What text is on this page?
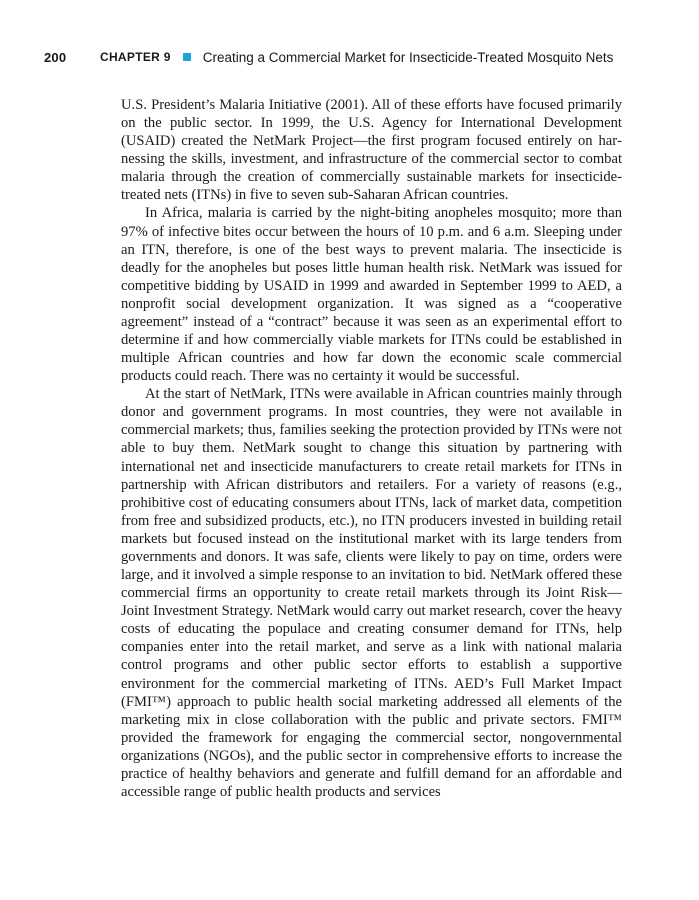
200	CHAPTER 9 Creating a Commercial Market for Insecticide-Treated Mosquito Nets

U.S. President’s Malaria Initiative (2001). All of these efforts have focused primarily on the public sector. In 1999, the U.S. Agency for International Development (USAID) created the NetMark Project—the first program focused entirely on harnessing the skills, investment, and infrastructure of the commercial sector to combat malaria through the creation of commercially sustainable markets for insecticide-treated nets (ITNs) in five to seven sub-Saharan African countries.

In Africa, malaria is carried by the night-biting anopheles mosquito; more than 97% of infective bites occur between the hours of 10 p.m. and 6 a.m. Sleeping under an ITN, therefore, is one of the best ways to prevent malaria. The insecticide is deadly for the anopheles but poses little human health risk. NetMark was issued for competitive bidding by USAID in 1999 and awarded in September 1999 to AED, a nonprofit social development organization. It was signed as a “cooperative agreement” instead of a “contract” because it was seen as an experimental effort to determine if and how commercially viable markets for ITNs could be established in multiple African countries and how far down the economic scale commercial products could reach. There was no certainty it would be successful.

At the start of NetMark, ITNs were available in African countries mainly through donor and government programs. In most countries, they were not available in commercial markets; thus, families seeking the protection provided by ITNs were not able to buy them. NetMark sought to change this situation by partnering with international net and insecticide manufacturers to create retail markets for ITNs in partnership with African distributors and retailers. For a variety of reasons (e.g., prohibitive cost of educating consumers about ITNs, lack of market data, competition from free and subsidized products, etc.), no ITN producers invested in building retail markets but focused instead on the institutional market with its large tenders from governments and donors. It was safe, clients were likely to pay on time, orders were large, and it involved a simple response to an invitation to bid. NetMark offered these commercial firms an opportunity to create retail markets through its Joint Risk—Joint Investment Strategy. NetMark would carry out market research, cover the heavy costs of educating the populace and creating consumer demand for ITNs, help companies enter into the retail market, and serve as a link with national malaria control programs and other public sector efforts to establish a supportive environment for the commercial marketing of ITNs. AED’s Full Market Impact (FMI™) approach to public health social marketing addressed all elements of the marketing mix in close collaboration with the public and private sectors. FMI™ provided the framework for engaging the commercial sector, nongovernmental organizations (NGOs), and the public sector in comprehensive efforts to increase the practice of healthy behaviors and generate and fulfill demand for an affordable and accessible range of public health products and services
